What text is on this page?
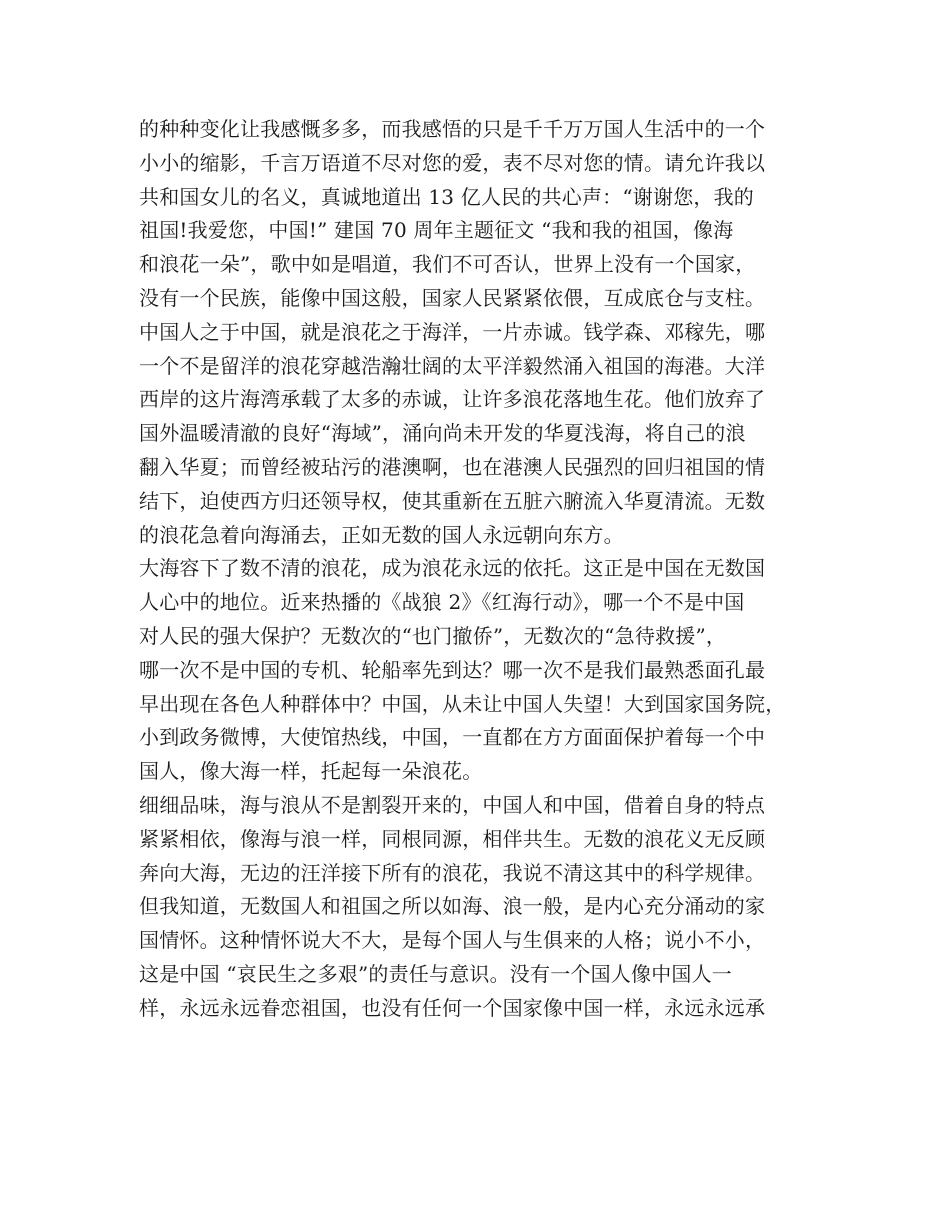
的种种变化让我感慨多多，而我感悟的只是千千万万国人生活中的一个
小小的缩影，千言万语道不尽对您的爱，表不尽对您的情。请允许我以
共和国女儿的名义，真诚地道出 13 亿人民的共心声：“谢谢您，我的
祖国!我爱您，中国!” 建国 70 周年主题征文 “我和我的祖国，像海
和浪花一朵”，歌中如是唱道，我们不可否认，世界上没有一个国家，
没有一个民族，能像中国这般，国家人民紧紧依偎，互成底仓与支柱。
中国人之于中国，就是浪花之于海洋，一片赤诚。钱学森、邓稼先，哪
一个不是留洋的浪花穿越浩瀚壮阔的太平洋毅然涌入祖国的海港。大洋
西岸的这片海湾承载了太多的赤诚，让许多浪花落地生花。他们放弃了
国外温暖清澈的良好“海域”，涌向尚未开发的华夏浅海，将自己的浪
翻入华夏；而曾经被玷污的港澳啊，也在港澳人民强烈的回归祖国的情
结下，迫使西方归还领导权，使其重新在五脏六腑流入华夏清流。无数
的浪花急着向海涌去，正如无数的国人永远朝向东方。
大海容下了数不清的浪花，成为浪花永远的依托。这正是中国在无数国
人心中的地位。近来热播的《战狼 2》《红海行动》，哪一个不是中国
对人民的强大保护？无数次的“也门撤侨”，无数次的“急待救援”，
哪一次不是中国的专机、轮船率先到达？哪一次不是我们最熟悉面孔最
早出现在各色人种群体中？中国，从未让中国人失望！大到国家国务院，
小到政务微博，大使馆热线，中国，一直都在方方面面保护着每一个中
国人，像大海一样，托起每一朵浪花。
细细品味，海与浪从不是割裂开来的，中国人和中国，借着自身的特点
紧紧相依，像海与浪一样，同根同源，相伴共生。无数的浪花义无反顾
奔向大海，无边的汪洋接下所有的浪花，我说不清这其中的科学规律。
但我知道，无数国人和祖国之所以如海、浪一般，是内心充分涌动的家
国情怀。这种情怀说大不大，是每个国人与生俱来的人格；说小不小，
这是中国 “哀民生之多艰”的责任与意识。没有一个国人像中国人一
样，永远永远眷恋祖国，也没有任何一个国家像中国一样，永远永远承
